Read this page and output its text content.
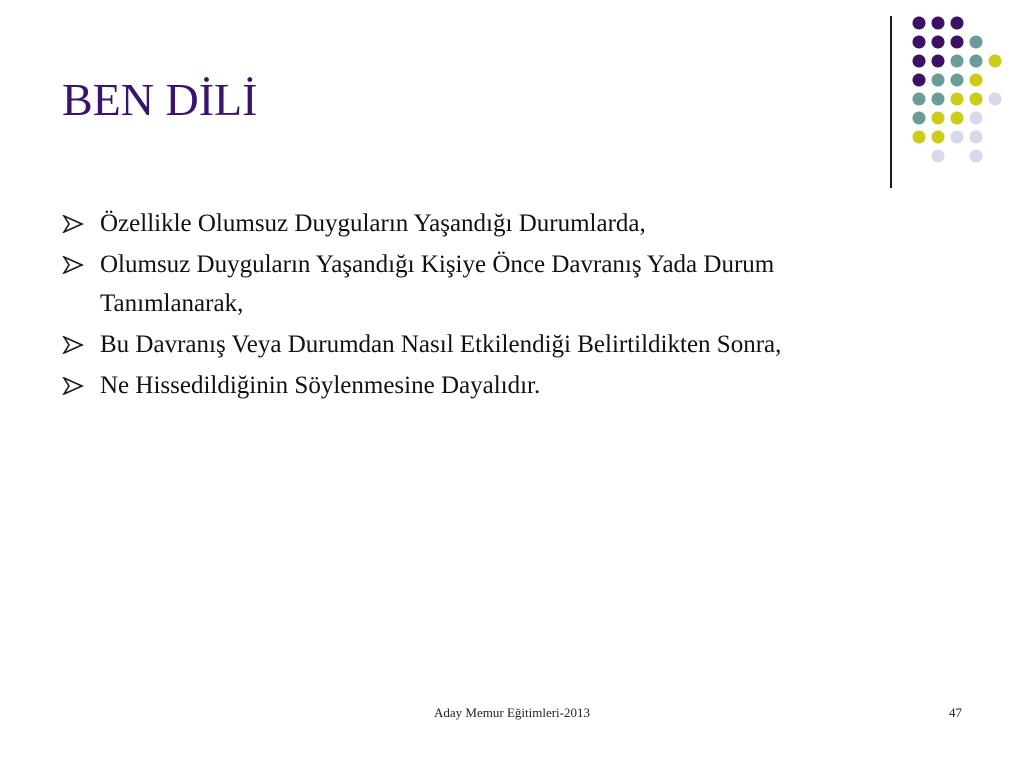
BEN DİLİ
Özellikle Olumsuz Duyguların Yaşandığı Durumlarda,
Olumsuz Duyguların Yaşandığı Kişiye Önce Davranış Yada Durum Tanımlanarak,
Bu Davranış Veya Durumdan Nasıl Etkilendiği Belirtildikten Sonra,
Ne Hissedildiğinin Söylenmesine Dayalıdır.
Aday Memur Eğitimleri-2013	47
